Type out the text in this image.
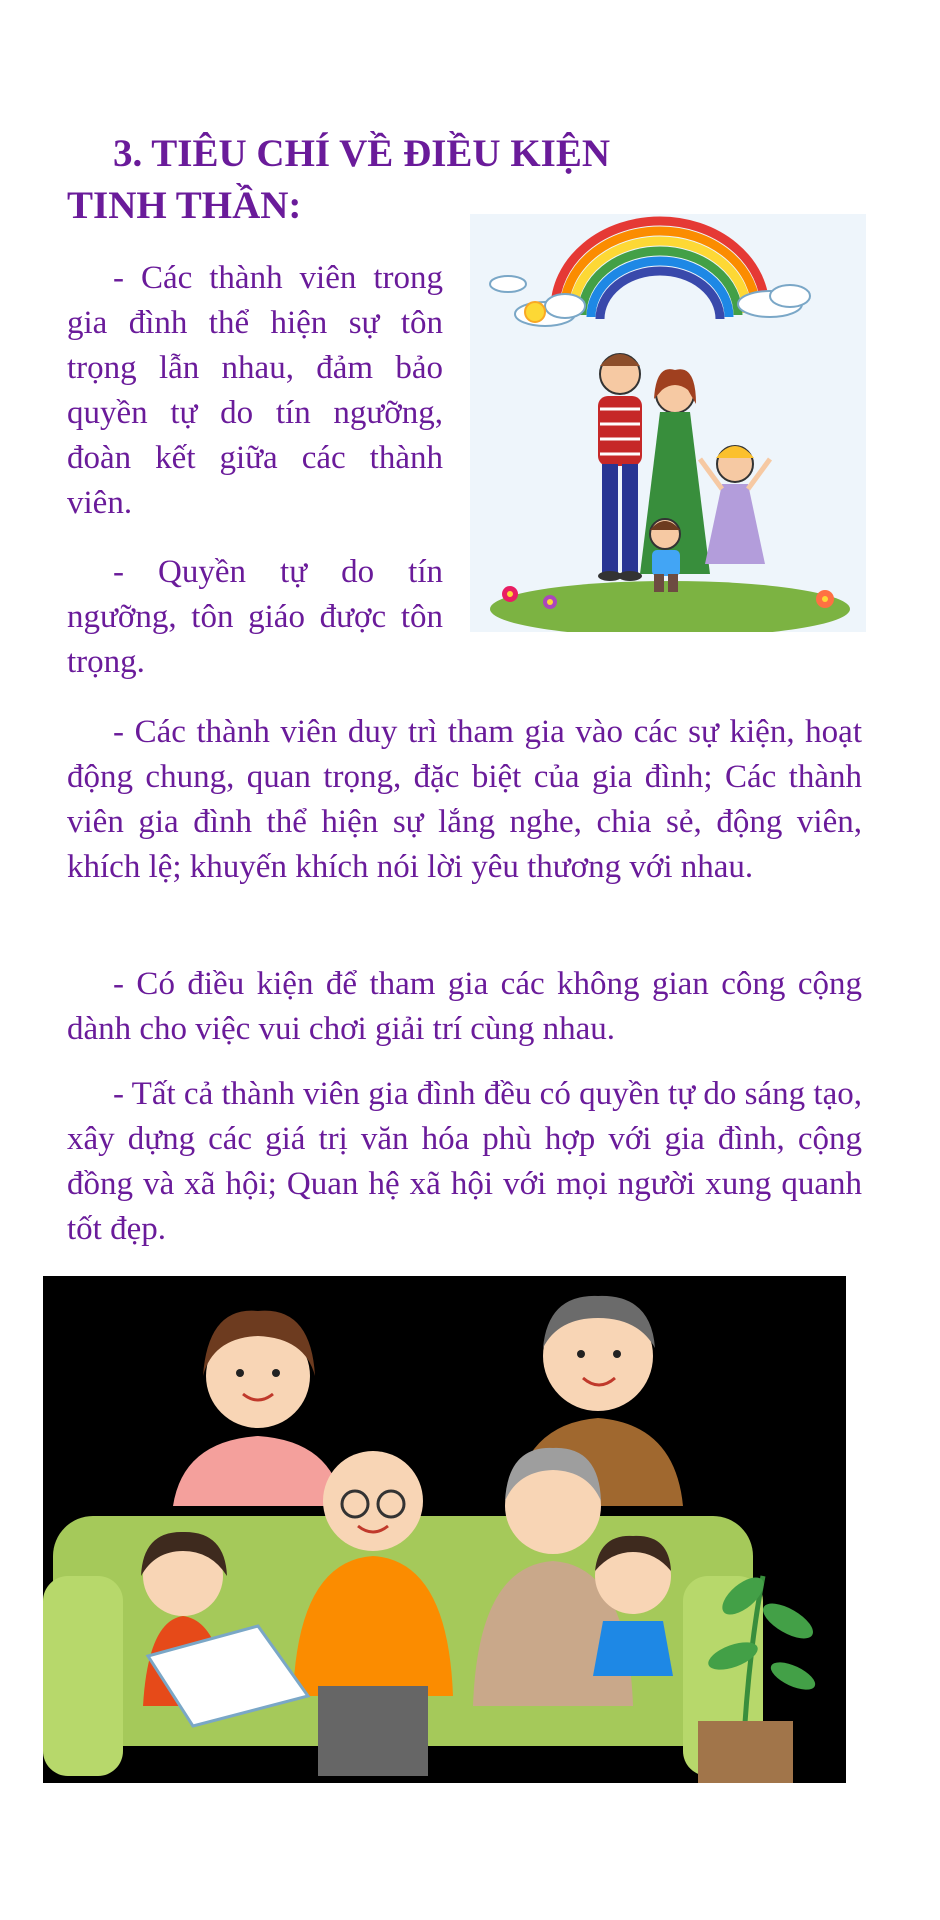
3. TIÊU CHÍ VỀ ĐIỀU KIỆN
TINH THẦN:

- Các thành viên trong gia đình thể hiện sự tôn trọng lẫn nhau, đảm bảo quyền tự do tín ngưỡng, đoàn kết giữa các thành viên.

- Quyền tự do tín ngưỡng, tôn giáo được tôn trọng.

- Các thành viên duy trì tham gia vào các sự kiện, hoạt động chung, quan trọng, đặc biệt của gia đình; Các thành viên gia đình thể hiện sự lắng nghe, chia sẻ, động viên, khích lệ; khuyến khích nói lời yêu thương với nhau.

- Có điều kiện để tham gia các không gian công cộng dành cho việc vui chơi giải trí cùng nhau.

- Tất cả thành viên gia đình đều có quyền tự do sáng tạo, xây dựng các giá trị văn hóa phù hợp với gia đình, cộng đồng và xã hội; Quan hệ xã hội với mọi người xung quanh tốt đẹp.
